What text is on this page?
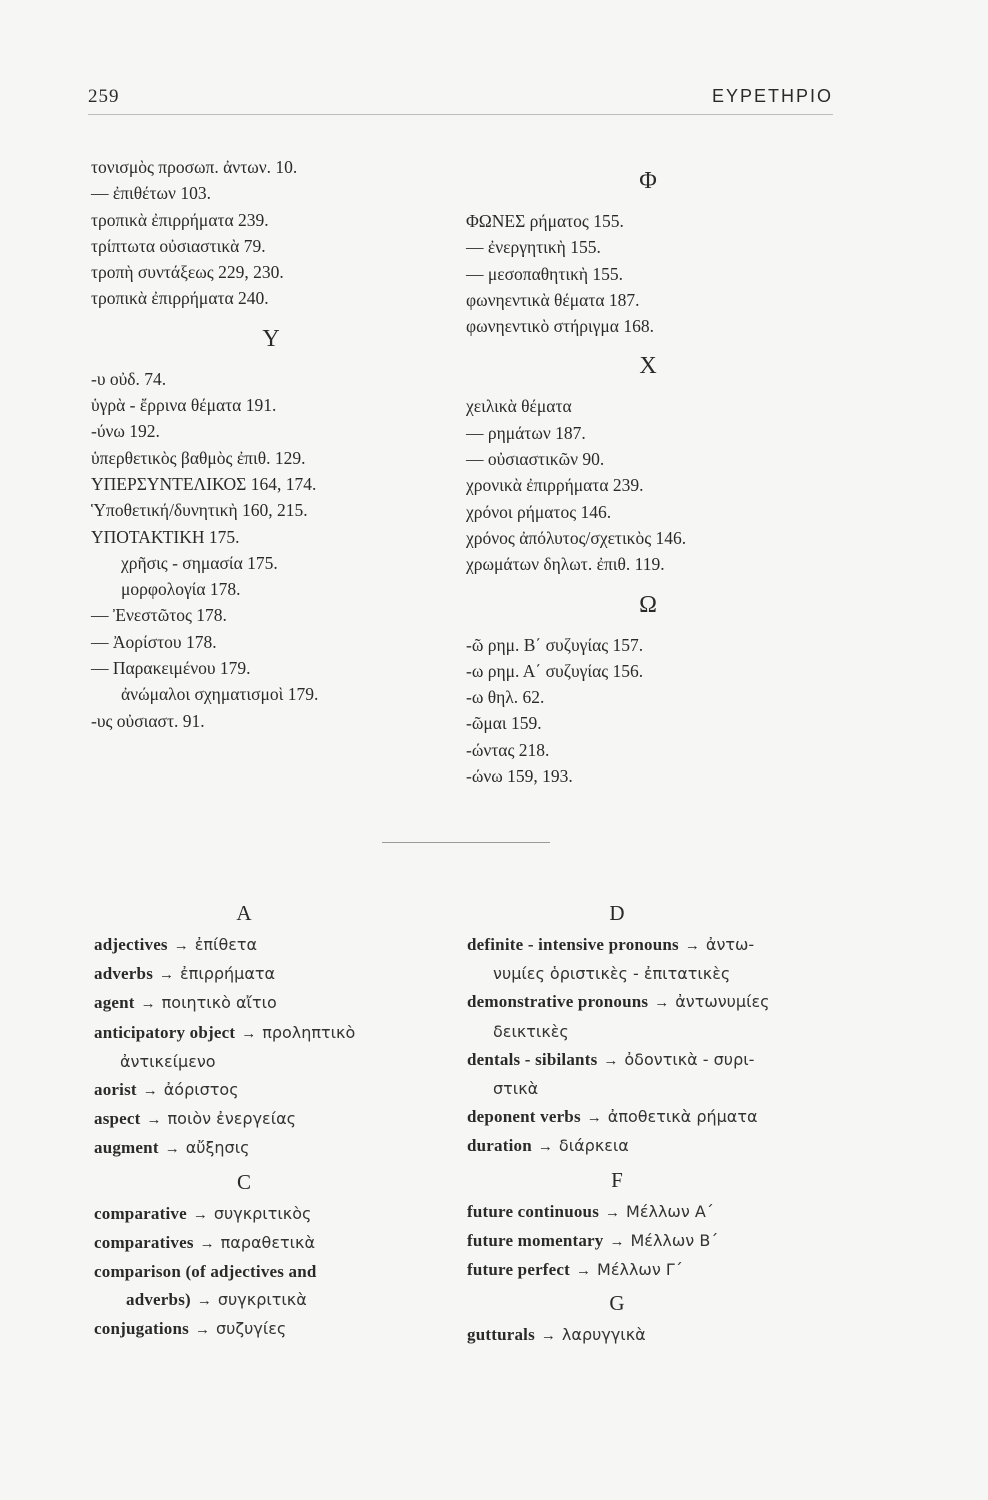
259	ΕΥΡΕΤΗΡΙΟ
τονισμὸς προσωπ. ἀντων. 10.
— ἐπιθέτων 103.
τροπικὰ ἐπιρρήματα 239.
τρίπτωτα οὐσιαστικὰ 79.
τροπὴ συντάξεως 229, 230.
τροπικὰ ἐπιρρήματα 240.
Υ
-υ οὐδ. 74.
ὑγρὰ - ἔρρινα θέματα 191.
-ύνω 192.
ὑπερθετικὸς βαθμὸς ἐπιθ. 129.
ΥΠΕΡΣΥΝΤΕΛΙΚΟΣ 164, 174.
Ὑποθετική/δυνητικὴ 160, 215.
ΥΠΟΤΑΚΤΙΚΗ 175.
χρῆσις - σημασία 175.
μορφολογία 178.
— Ἐνεστῶτος 178.
— Ἀορίστου 178.
— Παρακειμένου 179.
ἀνώμαλοι σχηματισμοὶ 179.
-υς οὐσιαστ. 91.
Φ
ΦΩΝΕΣ ρήματος 155.
— ἐνεργητικὴ 155.
— μεσοπαθητικὴ 155.
φωνηεντικὰ θέματα 187.
φωνηεντικὸ στήριγμα 168.
Χ
χειλικὰ θέματα
— ρημάτων 187.
— οὐσιαστικῶν 90.
χρονικὰ ἐπιρρήματα 239.
χρόνοι ρήματος 146.
χρόνος ἀπόλυτος/σχετικὸς 146.
χρωμάτων δηλωτ. ἐπιθ. 119.
Ω
-ῶ ρημ. Β΄ συζυγίας 157.
-ω ρημ. Α΄ συζυγίας 156.
-ω θηλ. 62.
-ῶμαι 159.
-ώντας 218.
-ώνω 159, 193.
A
adjectives → ἐπίθετα
adverbs → ἐπιρρήματα
agent → ποιητικὸ αἴτιο
anticipatory object → προληπτικὸ
ἀντικείμενο
aorist → ἀόριστος
aspect → ποιὸν ἐνεργείας
augment → αὔξησις
C
comparative → συγκριτικὸς
comparatives → παραθετικὰ
comparison (of adjectives and
adverbs) → συγκριτικὰ
conjugations → συζυγίες
D
definite - intensive pronouns → ἀντω-
νυμίες ὁριστικὲς - ἐπιτατικὲς
demonstrative pronouns → ἀντωνυμίες
δεικτικὲς
dentals - sibilants → ὀδοντικὰ - συρι-
στικὰ
deponent verbs → ἀποθετικὰ ρήματα
duration → διάρκεια
F
future continuous → Μέλλων Α΄
future momentary → Μέλλων Β΄
future perfect → Μέλλων Γ΄
G
gutturals → λαρυγγικὰ
